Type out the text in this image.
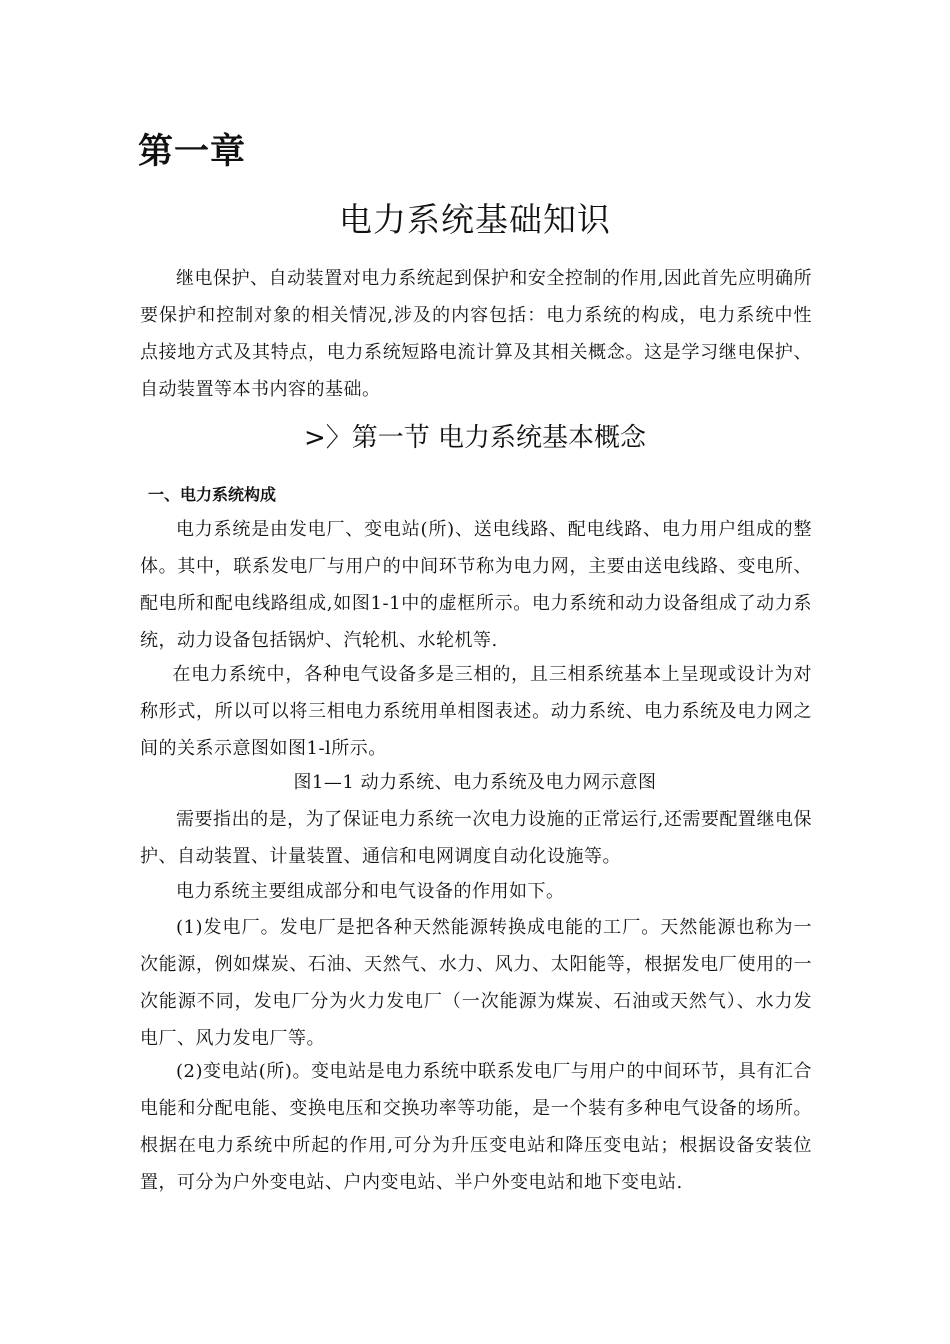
第一章
电力系统基础知识

继电保护、自动装置对电力系统起到保护和安全控制的作用,因此首先应明确所要保护和控制对象的相关情况,涉及的内容包括：电力系统的构成，电力系统中性点接地方式及其特点，电力系统短路电流计算及其相关概念。这是学习继电保护、自动装置等本书内容的基础。

>〉第一节 电力系统基本概念
一、电力系统构成

电力系统是由发电厂、变电站(所)、送电线路、配电线路、电力用户组成的整体。其中，联系发电厂与用户的中间环节称为电力网，主要由送电线路、变电所、配电所和配电线路组成,如图1-1中的虚框所示。电力系统和动力设备组成了动力系统，动力设备包括锅炉、汽轮机、水轮机等.

在电力系统中，各种电气设备多是三相的，且三相系统基本上呈现或设计为对称形式，所以可以将三相电力系统用单相图表述。动力系统、电力系统及电力网之间的关系示意图如图1-l所示。

图1—1 动力系统、电力系统及电力网示意图

需要指出的是，为了保证电力系统一次电力设施的正常运行,还需要配置继电保护、自动装置、计量装置、通信和电网调度自动化设施等。

电力系统主要组成部分和电气设备的作用如下。

(1)发电厂。发电厂是把各种天然能源转换成电能的工厂。天然能源也称为一次能源，例如煤炭、石油、天然气、水力、风力、太阳能等，根据发电厂使用的一次能源不同，发电厂分为火力发电厂（一次能源为煤炭、石油或天然气）、水力发电厂、风力发电厂等。

(2)变电站(所)。变电站是电力系统中联系发电厂与用户的中间环节，具有汇合电能和分配电能、变换电压和交换功率等功能，是一个装有多种电气设备的场所。根据在电力系统中所起的作用,可分为升压变电站和降压变电站；根据设备安装位置，可分为户外变电站、户内变电站、半户外变电站和地下变电站.
